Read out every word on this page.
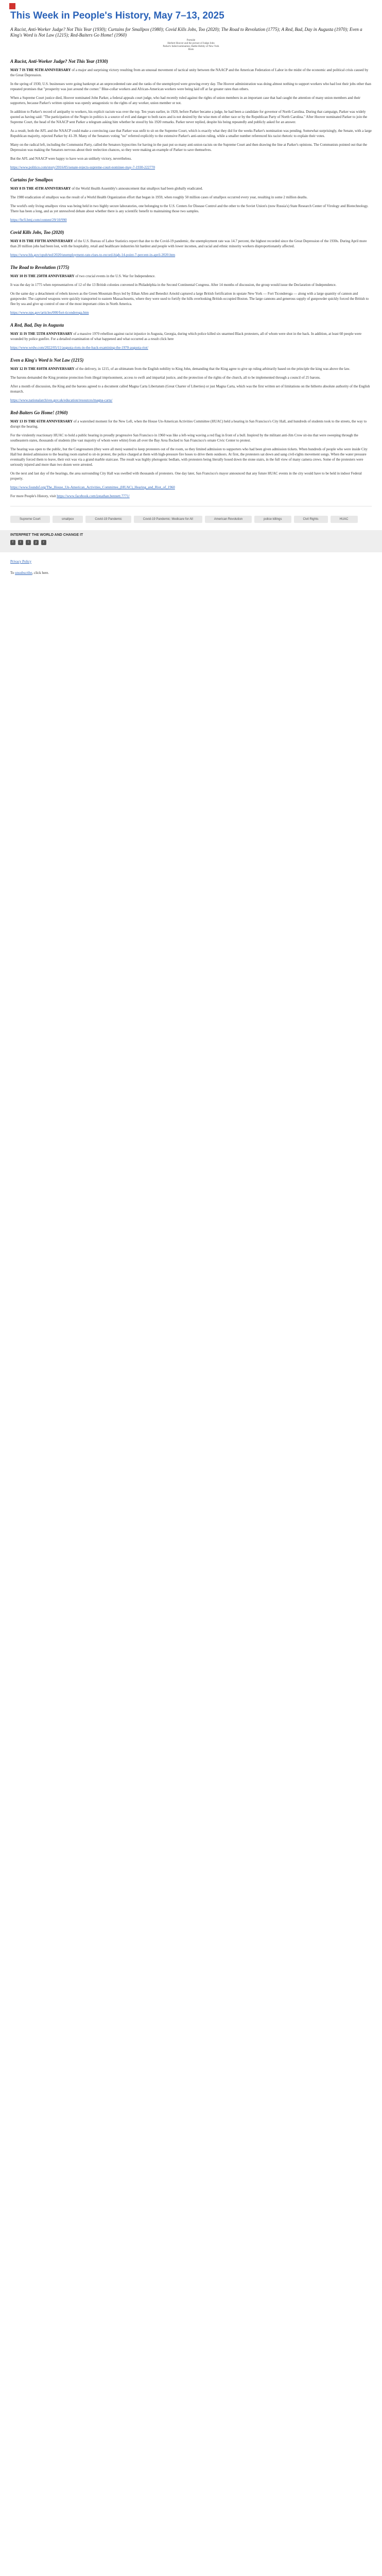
This Week in People's History, May 7–13, 2025

A Racist, Anti-Worker Judge? Not This Year (1930); Curtains for Smallpox (1980); Covid Kills Jobs, Too (2020); The Road to Revolution (1775); A Red, Bad, Day in Augusta (1970); Even a King's Word is Not Law (1215); Red-Baiters Go Home! (1960)

Portside
Herbert Hoover and the picture of Judge John
Parker's failed nomination; Battle-Hobby of New York
Riots
A Racist, Anti-Worker Judge? Not This Year (1930)

MAY 7 IS THE 95TH ANNIVERSARY of a major and surprising victory resulting from an unusual movement of tactical unity between the NAACP and the American Federation of Labor in the midst of the economic and political crisis caused by the Great Depression.

In the spring of 1930, U.S. businesses were going bankrupt at an unprecedented rate and the ranks of the unemployed were growing every day. The Hoover administration was doing almost nothing to support workers who had lost their jobs other than repeated promises that "prosperity was just around the corner." Blue-collar workers and African-American workers were being laid off at far greater rates than others.

When a Supreme Court justice died, Hoover nominated John Parker, a federal appeals court judge, who had recently ruled against the rights of union members in an important case that had caught the attention of many union members and their supporters, because Parker's written opinion was openly antagonistic to the rights of any worker, union member or not.

In addition to Parker's record of antipathy to workers, his explicit racism was over the top. Ten years earlier, in 1920, before Parker became a judge, he had been a candidate for governor of North Carolina. During that campaign, Parker was widely quoted as having said: "The participation of the Negro in politics is a source of evil and danger to both races and is not desired by the wise men of either race or by the Republican Party of North Carolina." After Hoover nominated Parker to join the Supreme Court, the head of the NAACP sent Parker a telegram asking him whether he stood by his 1920 remarks. Parker never replied, despite his being repeatedly and publicly asked for an answer.

As a result, both the AFL and the NAACP could make a convincing case that Parker was unfit to sit on the Supreme Court, which is exactly what they did for the weeks Parker's nomination was pending. Somewhat surprisingly, the Senate, with a large Republican majority, rejected Parker by 41-39. Many of the Senators voting "no" referred explicitly to the extensive Parker's anti-union ruling, while a smaller number referenced his racist rhetoric to explain their votes.

Many on the radical left, including the Communist Party, called the Senators hypocrites for having in the past put so many anti-union racists on the Supreme Court and then drawing the line at Parker's opinions. The Communists pointed out that the Depression was making the Senators nervous about their reelection chances, so they were making an example of Parker to save themselves.

But the AFL and NAACP were happy to have won an unlikely victory, nevertheless.

https://www.politico.com/story/2016/05/senate-rejects-supreme-court-nominee-may-7-1930-222770

Curtains for Smallpox

MAY 8 IS THE 45TH ANNIVERSARY of the World Health Assembly's announcement that smallpox had been globally eradicated.

The 1980 eradication of smallpox was the result of a World Health Organization effort that began in 1959, when roughly 50 million cases of smallpox occurred every year, resulting in some 2 million deaths.

The world's only living smallpox virus was being held in two highly secure laboratories, one belonging to the U.S. Centers for Disease Control and the other to the Soviet Union's (now Russia's) State Research Center of Virology and Biotechnology. There has been a long, and as yet unresolved debate about whether there is any scientific benefit to maintaining those two samples.

https://bcfi.bmj.com/content/29/10/990

Covid Kills Jobs, Too (2020)

MAY 8 IS THE FIFTH ANNIVERSARY of the U.S. Bureau of Labor Statistics report that due to the Covid-19 pandemic, the unemployment rate was 14.7 percent, the highest recorded since the Great Depression of the 1930s. During April more than 20 million jobs had been lost, with the hospitality, retail and healthcare industries hit hardest and people with lower incomes, and racial and ethnic minority workers disproportionately affected.

https://www.bls.gov/opub/ted/2020/unemployment-rate-rises-to-record-high-14-point-7-percent-in-april-2020.htm

The Road to Revolution (1775)

MAY 10 IS THE 250TH ANNIVERSARY of two crucial events in the U.S. War for Independence.

It was the day in 1775 when representatives of 12 of the 13 British colonies convened in Philadelphia in the Second Continental Congress. After 14 months of discussion, the group would issue the Declaration of Independence.

On the same day a detachment of rebels known as the Green Mountain Boys led by Ethan Allen and Benedict Arnold captured a large British fortification in upstate New York — Fort Ticonderoga — along with a large quantity of cannon and gunpowder. The captured weapons were quickly transported to eastern Massachusetts, where they were used to fortify the hills overlooking British-occupied Boston. The large cannons and generous supply of gunpowder quickly forced the British to flee by sea and give up control of one of the most important cities in North America.

https://www.nps.gov/articles/000/fort-ticonderoga.htm

A Red, Bad, Day in Augusta

MAY 11 IS THE 55TH ANNIVERSARY of a massive 1970 rebellion against racist injustice in Augusta, Georgia, during which police killed six unarmed Black protesters, all of whom were shot in the back. In addition, at least 60 people were wounded by police gunfire. For a detailed examination of what happened and what occurred as a result click here

https://www.wrdw.com/2022/05/11/augusta-riots-in-the-back-examining-the-1970-augusta-riot/

Even a King's Word is Not Law (1215)

MAY 12 IS THE 810TH ANNIVERSARY of the delivery, in 1215, of an ultimatum from the English nobility to King John, demanding that the King agree to give up ruling arbitrarily based on the principle the king was above the law.

The barons demanded the King promise protection from illegal imprisonment, access to swift and impartial justice, and the protection of the rights of the church, all to be implemented through a council of 25 barons.

After a month of discussion, the King and the barons agreed to a document called Magna Carta Libertatum (Great Charter of Liberties) or just Magna Carta, which was the first written set of limitations on the hitherto absolute authority of the English monarch.

https://www.nationalarchives.gov.uk/education/resources/magna-carta/

Red-Baiters Go Home! (1960)

MAY 13 IS THE 65TH ANNIVERSARY of a watershed moment for the New Left, when the House Un-American Activities Committee (HUAC) held a hearing in San Francisco's City Hall, and hundreds of students took to the streets, the way to disrupt the hearing.

For the virulently reactionary HUAC to hold a public hearing in proudly progressive San Francisco in 1960 was like a left-wing waving a red flag in front of a bull. Inspired by the militant anti-Jim Crow sit-ins that were sweeping through the southeastern states, thousands of students (the vast majority of whom were white) from all over the Bay Area flocked to San Francisco's ornate Civic Center to protest.

The hearing was open to the public, but the Congressmen (they were all men) wanted to keep protesters out of the room, so they limited admission to supporters who had been given admission tickets. When hundreds of people who were inside City Hall but denied admission to the hearing room started to sit-in protest, the police charged at them with high-pressure fire hoses to drive them outdoors. At first, the protesters sat down and sang civil-rights movement songs. When the water pressure eventually forced them to leave, their exit was via a grand marble staircase. The result was highly photogenic bedlam, with protesters being literally hosed down the stone stairs, in the full view of many camera crews. Some of the protesters were seriously injured and more than two dozen were arrested.

On the next and last day of the hearings, the area surrounding City Hall was swelled with thousands of protesters. One day later, San Francisco's mayor announced that any future HUAC events in the city would have to be held in indoor Federal property.

https://www.foundsf.org/The_House_Un-American_Activities_Committee_(HUAC)_Hearing_and_Riot_of_1960

For more People's History, visit https://www.facebook.com/jonathan.bennett.7771/

Supreme Court	smallpox	Covid-19 Pandemic	Covid-19 Pandemic: Medicare for All	American Revolution	police killings	Civil Rights	HUAC

INTERPRET THE WORLD AND CHANGE IT

f	t	i	y	r
Privacy Policy
To unsubscribe, click here.
